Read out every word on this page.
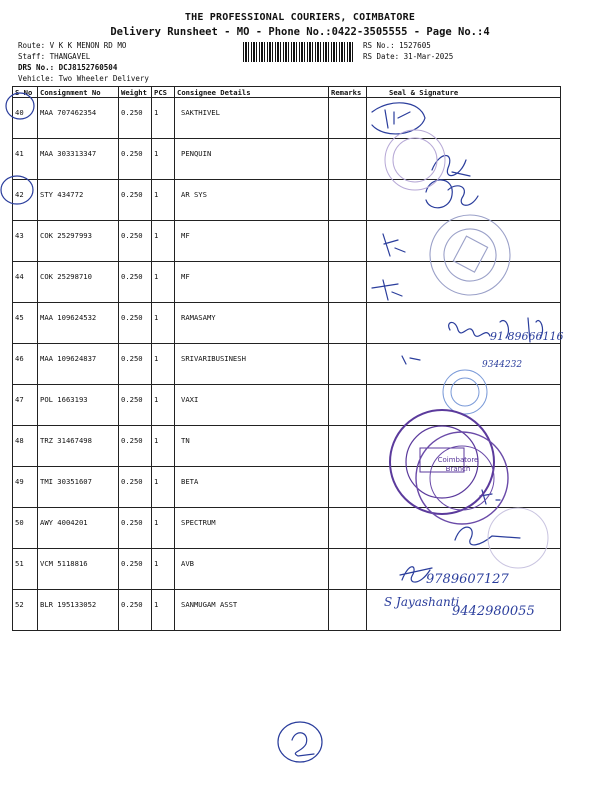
THE PROFESSIONAL COURIERS, COIMBATORE
Delivery Runsheet - MO - Phone No.:0422-3505555 - Page No.:4
Route: V K K MENON RD MO
Staff: THANGAVEL
DRS No.: DCJ8152760504
Vehicle: Two Wheeler Delivery
RS No.: 1527605
RS Date: 31-Mar-2025
S No	Consignment No	Weight	PCS	Consignee Details	Remarks	Seal & Signature
40	MAA 707462354	0.250	1	SAKTHIVEL		
41	MAA 303313347	0.250	1	PENQUIN		
42	STY 434772	0.250	1	AR SYS		
43	COK 25297993	0.250	1	MF		
44	COK 25298710	0.250	1	MF		
45	MAA 109624532	0.250	1	RAMASAMY		
46	MAA 109624837	0.250	1	SRIVARIBUSINESH		
47	POL 1663193	0.250	1	VAXI		
48	TRZ 31467498	0.250	1	TN		
49	TMI 30351607	0.250	1	BETA		
50	AWY 4004201	0.250	1	SPECTRUM		
51	VCM 5118816	0.250	1	AVB		
52	BLR 195133052	0.250	1	SANMUGAM ASST		
91 89666116
9344232
9789607127
S Jayashanti
9442980055
Coimbatore Branch
